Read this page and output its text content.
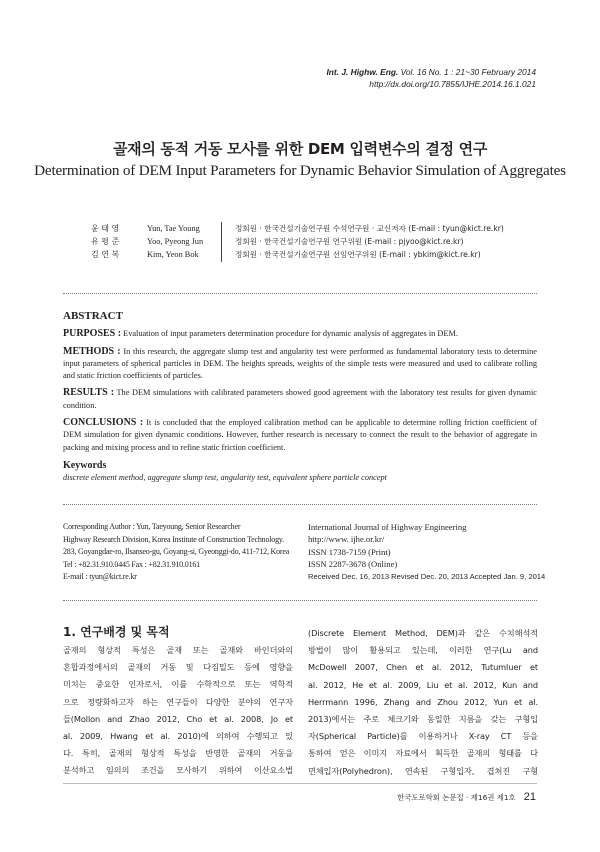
Int. J. Highw. Eng. Vol. 16 No. 1 : 21~30 February 2014
http://dx.doi.org/10.7855/IJHE.2014.16.1.021
골재의 동적 거동 모사를 위한 DEM 입력변수의 결정 연구
Determination of DEM Input Parameters for Dynamic Behavior Simulation of Aggregates
윤 태 영	Yun, Tae Young	정회원 · 한국건설기술연구원 수석연구원 · 교신저자 (E-mail : tyun@kict.re.kr)
유 평 준	Yoo, Pyeong Jun	정회원 · 한국건설기술연구원 연구위원 (E-mail : pjyoo@kict.re.kr)
김 연 복	Kim, Yeon Bok	정회원 · 한국건설기술연구원 선임연구위원 (E-mail : ybkim@kict.re.kr)
ABSTRACT

PURPOSES : Evaluation of input parameters determination procedure for dynamic analysis of aggregates in DEM.

METHODS : In this research, the aggregate slump test and angularity test were performed as fundamental laboratory tests to determine input parameters of spherical particles in DEM. The heights spreads, weights of the simple tests were measured and used to calibrate rolling and static friction coefficients of particles.

RESULTS : The DEM simulations with calibrated parameters showed good agreement with the laboratory test results for given dynamic condition.

CONCLUSIONS : It is concluded that the employed calibration method can be applicable to determine rolling friction coefficient of DEM simulation for given dynamic conditions. However, further research is necessary to connect the result to the behavior of aggregate in packing and mixing process and to refine static friction coefficient.

Keywords
discrete element method, aggregate slump test, angularity test, equivalent sphere particle concept
Corresponding Author : Yun, Taeyoung, Senior Researcher
Highway Research Division, Korea Institute of Construction Technology.
283, Goyangdae-ro, Ilsanseo-gu, Goyang-si, Gyeonggi-do, 411-712, Korea
Tel : +82.31.910.0445 Fax : +82.31.910.0161
E-mail : tyun@kict.re.kr
International Journal of Highway Engineering
http://www. ijhe.or.kr/
ISSN 1738-7159 (Print)
ISSN 2287-3678 (Online)
Received Dec. 16, 2013 Revised Dec. 20, 2013 Accepted Jan. 9, 2014
1. 연구배경 및 목적
골재의 형상적 특성은 골재 또는 골재와 바인더와의
혼합과정에서의 골재의 거동 및 다짐밀도 등에 영향을
미치는 중요한 인자로서, 이를 수학적으로 또는 역학적
으로 정량화하고자 하는 연구들이 다양한 분야의 연구자
들(Mollon and Zhao 2012, Cho et al. 2008, Jo et
al. 2009, Hwang et al. 2010)에 의하여 수행되고 있
다. 특히, 골재의 형상적 특성을 반영한 골재의 거동을
분석하고 임의의 조건을 모사하기 위하여 이산요소법
(Discrete Element Method, DEM)과 같은 수치해석적
방법이 많이 활용되고 있는데, 이러한 연구(Lu and
McDowell 2007, Chen et al. 2012, Tutumluer et
al. 2012, He et al. 2009, Liu et al. 2012, Kun and
Herrmann 1996, Zhang and Zhou 2012, Yun et al.
2013)에서는 주로 체크기와 동일한 지름을 갖는 구형입
자(Spherical Particle)를 이용하거나 X-ray CT 등을
통하여 얻은 이미지 자료에서 획득한 골재의 형태를 다
면체입자(Polyhedron), 연속된 구형입자, 겹쳐진 구형
한국도로학회 논문집 · 제16권 제1호 21
